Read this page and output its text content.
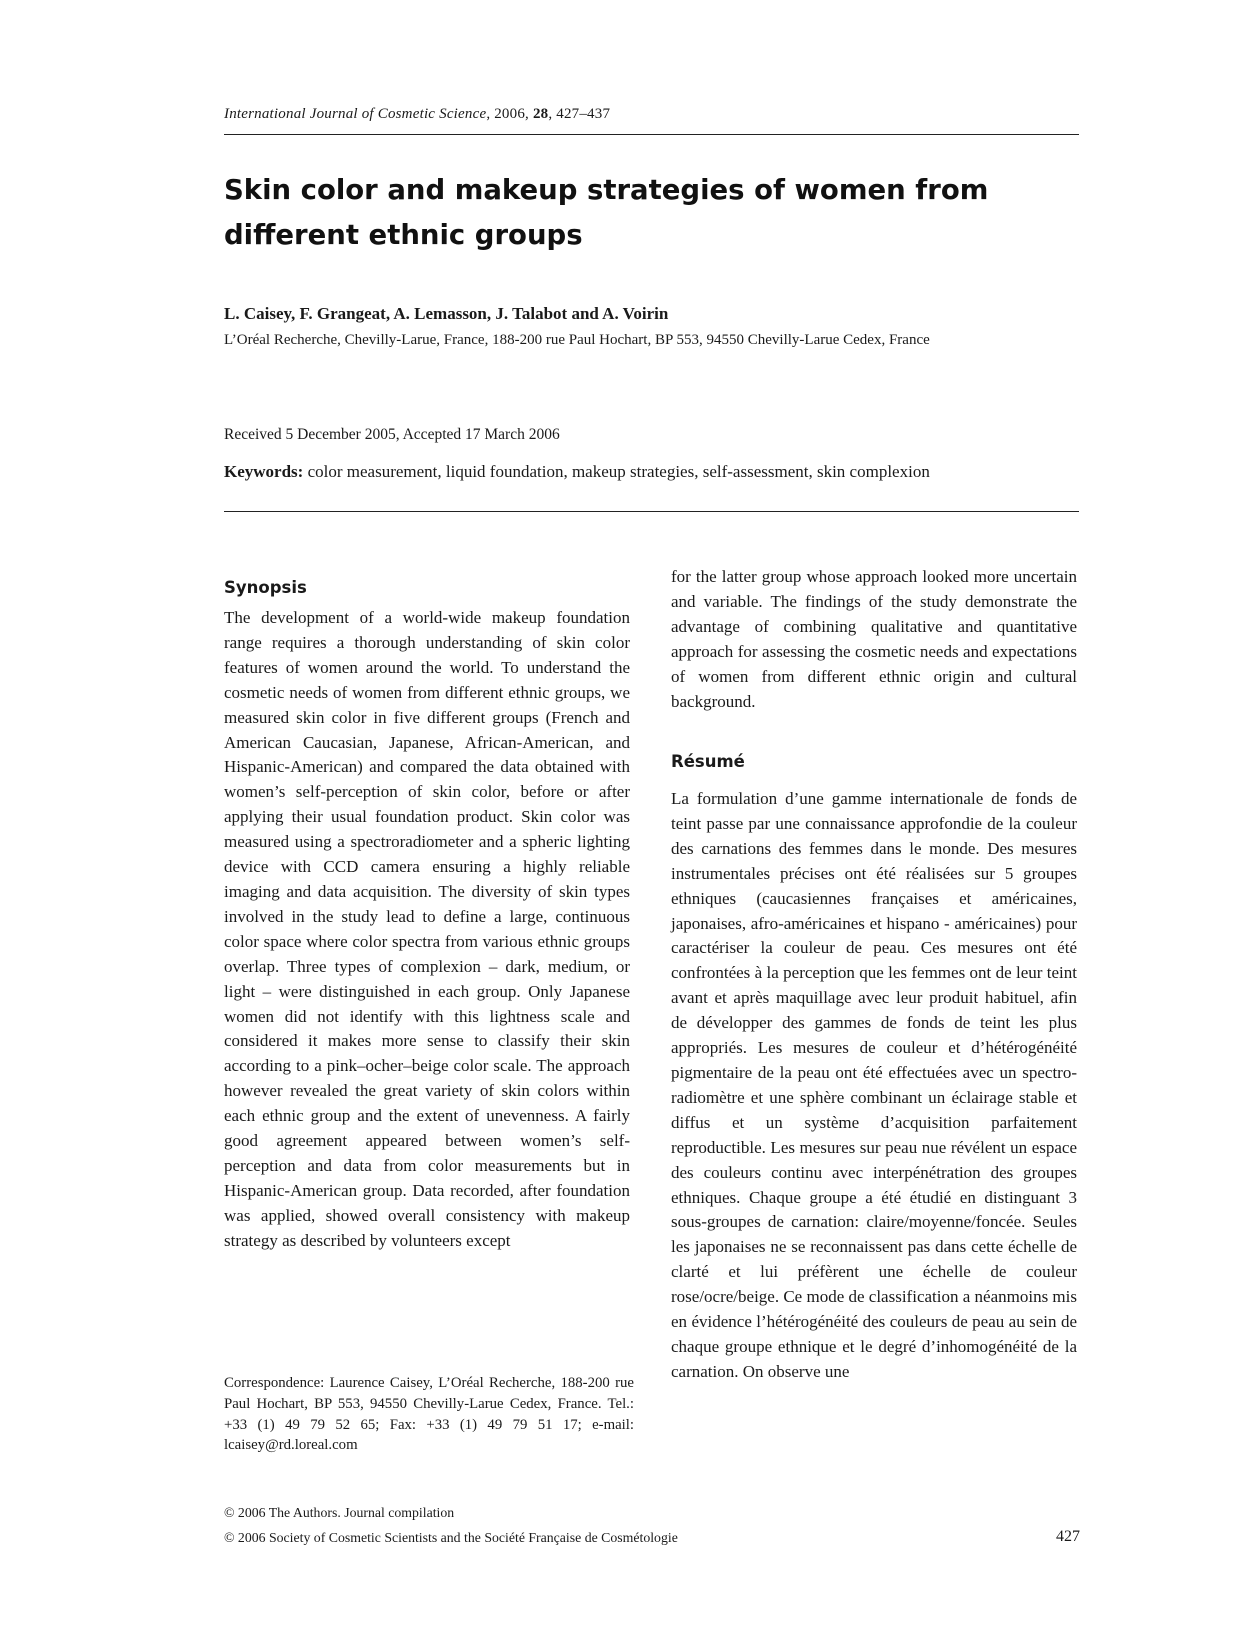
International Journal of Cosmetic Science, 2006, 28, 427–437
Skin color and makeup strategies of women from different ethnic groups
L. Caisey, F. Grangeat, A. Lemasson, J. Talabot and A. Voirin
L’Oréal Recherche, Chevilly-Larue, France, 188-200 rue Paul Hochart, BP 553, 94550 Chevilly-Larue Cedex, France
Received 5 December 2005, Accepted 17 March 2006
Keywords: color measurement, liquid foundation, makeup strategies, self-assessment, skin complexion
Synopsis

The development of a world-wide makeup foundation range requires a thorough understanding of skin color features of women around the world. To understand the cosmetic needs of women from different ethnic groups, we measured skin color in five different groups (French and American Caucasian, Japanese, African-American, and Hispanic-American) and compared the data obtained with women’s self-perception of skin color, before or after applying their usual foundation product. Skin color was measured using a spectroradiometer and a spheric lighting device with CCD camera ensuring a highly reliable imaging and data acquisition. The diversity of skin types involved in the study lead to define a large, continuous color space where color spectra from various ethnic groups overlap. Three types of complexion – dark, medium, or light – were distinguished in each group. Only Japanese women did not identify with this lightness scale and considered it makes more sense to classify their skin according to a pink–ocher–beige color scale. The approach however revealed the great variety of skin colors within each ethnic group and the extent of unevenness. A fairly good agreement appeared between women’s self-perception and data from color measurements but in Hispanic-American group. Data recorded, after foundation was applied, showed overall consistency with makeup strategy as described by volunteers except

for the latter group whose approach looked more uncertain and variable. The findings of the study demonstrate the advantage of combining qualitative and quantitative approach for assessing the cosmetic needs and expectations of women from different ethnic origin and cultural background.

Résumé

La formulation d’une gamme internationale de fonds de teint passe par une connaissance approfondie de la couleur des carnations des femmes dans le monde. Des mesures instrumentales précises ont été réalisées sur 5 groupes ethniques (caucasiennes françaises et américaines, japonaises, afro-américaines et hispano - américaines) pour caractériser la couleur de peau. Ces mesures ont été confrontées à la perception que les femmes ont de leur teint avant et après maquillage avec leur produit habituel, afin de développer des gammes de fonds de teint les plus appropriés. Les mesures de couleur et d’hétérogénéité pigmentaire de la peau ont été effectuées avec un spectro-radiomètre et une sphère combinant un éclairage stable et diffus et un système d’acquisition parfaitement reproductible. Les mesures sur peau nue révélent un espace des couleurs continu avec interpénétration des groupes ethniques. Chaque groupe a été étudié en distinguant 3 sous-groupes de carnation: claire/moyenne/foncée. Seules les japonaises ne se reconnaissent pas dans cette échelle de clarté et lui préfèrent une échelle de couleur rose/ocre/beige. Ce mode de classification a néanmoins mis en évidence l’hétérogénéité des couleurs de peau au sein de chaque groupe ethnique et le degré d’inhomogénéité de la carnation. On observe une

Correspondence: Laurence Caisey, L’Oréal Recherche, 188-200 rue Paul Hochart, BP 553, 94550 Chevilly-Larue Cedex, France. Tel.: +33 (1) 49 79 52 65; Fax: +33 (1) 49 79 51 17; e-mail: lcaisey@rd.loreal.com

© 2006 The Authors. Journal compilation
© 2006 Society of Cosmetic Scientists and the Société Française de Cosmétologie	427
